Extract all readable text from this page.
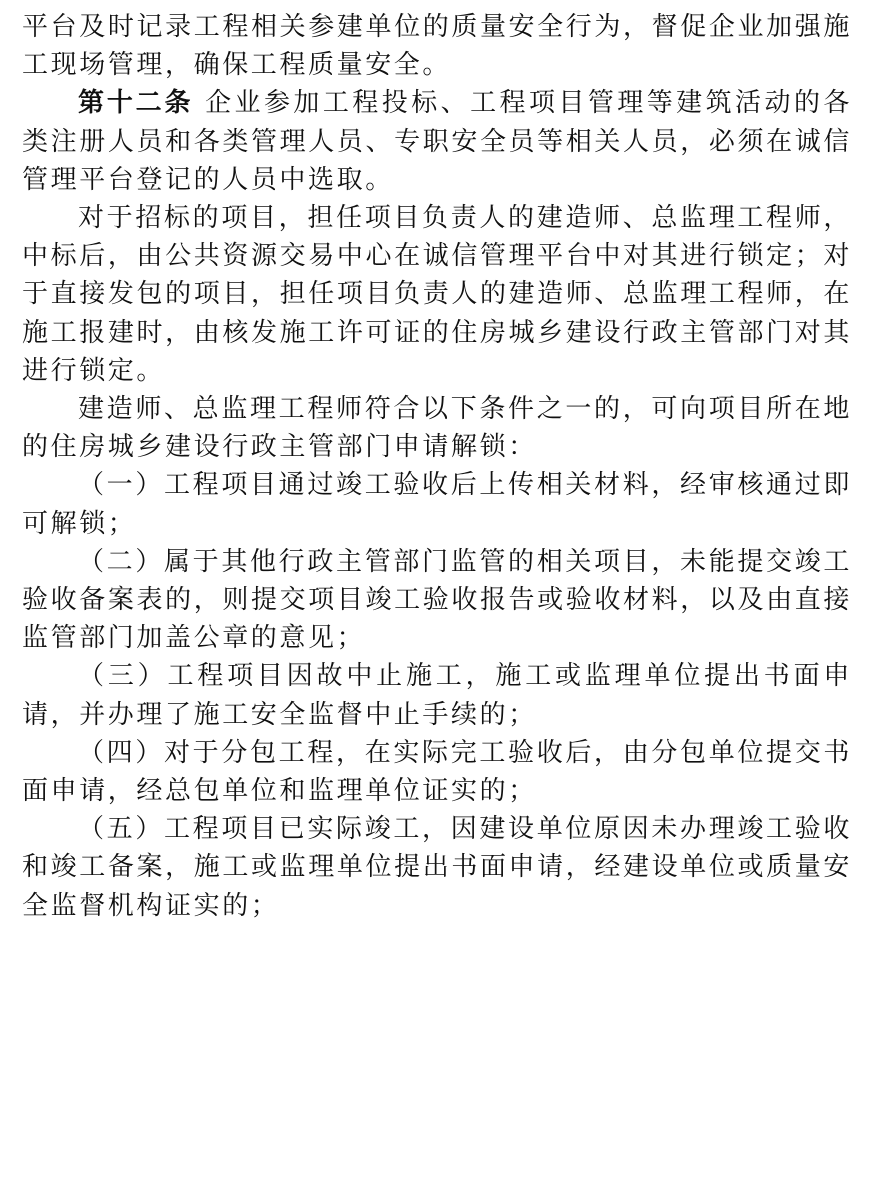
平台及时记录工程相关参建单位的质量安全行为，督促企业加强施工现场管理，确保工程质量安全。

第十二条 企业参加工程投标、工程项目管理等建筑活动的各类注册人员和各类管理人员、专职安全员等相关人员，必须在诚信管理平台登记的人员中选取。

对于招标的项目，担任项目负责人的建造师、总监理工程师，中标后，由公共资源交易中心在诚信管理平台中对其进行锁定；对于直接发包的项目，担任项目负责人的建造师、总监理工程师，在施工报建时，由核发施工许可证的住房城乡建设行政主管部门对其进行锁定。

建造师、总监理工程师符合以下条件之一的，可向项目所在地的住房城乡建设行政主管部门申请解锁：

（一）工程项目通过竣工验收后上传相关材料，经审核通过即可解锁；

（二）属于其他行政主管部门监管的相关项目，未能提交竣工验收备案表的，则提交项目竣工验收报告或验收材料，以及由直接监管部门加盖公章的意见；

（三）工程项目因故中止施工，施工或监理单位提出书面申请，并办理了施工安全监督中止手续的；

（四）对于分包工程，在实际完工验收后，由分包单位提交书面申请，经总包单位和监理单位证实的；

（五）工程项目已实际竣工，因建设单位原因未办理竣工验收和竣工备案，施工或监理单位提出书面申请，经建设单位或质量安全监督机构证实的；
